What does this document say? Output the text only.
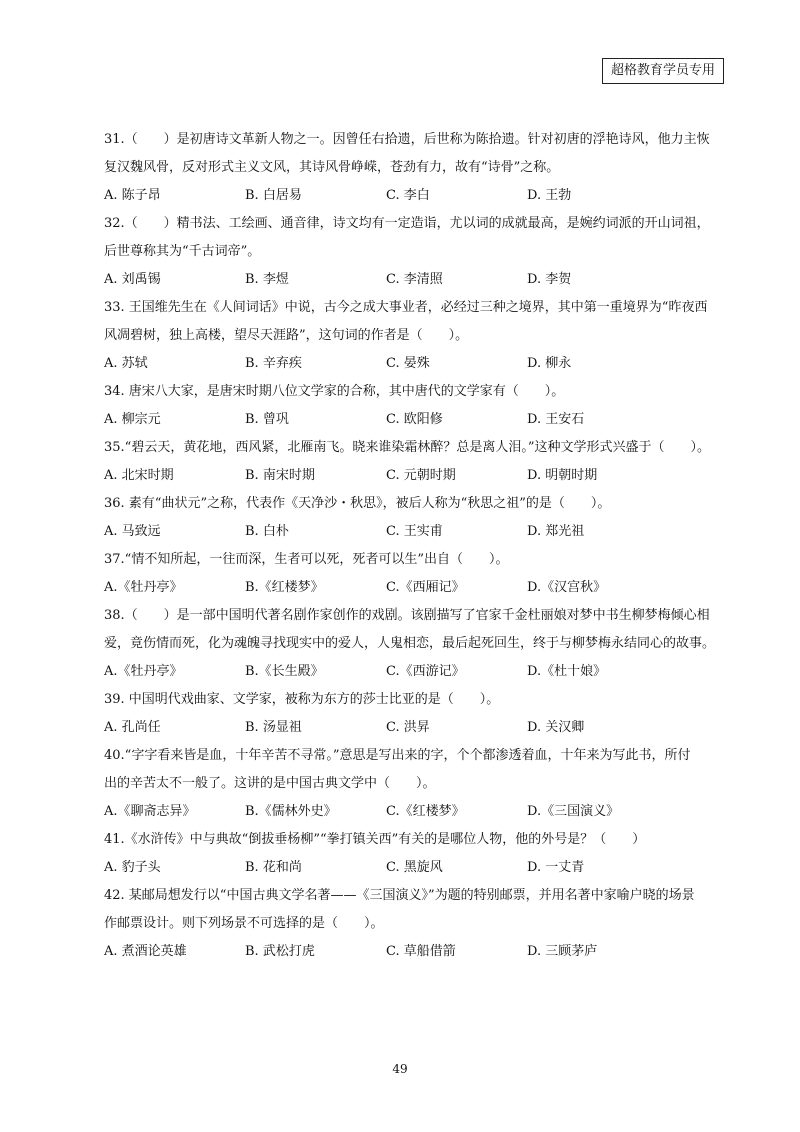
超格教育学员专用
31.（　　）是初唐诗文革新人物之一。因曾任右拾遗，后世称为陈拾遗。针对初唐的浮艳诗风，他力主恢
复汉魏风骨，反对形式主义文风，其诗风骨峥嵘，苍劲有力，故有“诗骨”之称。
A. 陈子昂	B. 白居易	C. 李白	D. 王勃
32.（　　）精书法、工绘画、通音律，诗文均有一定造诣，尤以词的成就最高，是婉约词派的开山词祖，
后世尊称其为“千古词帝”。
A. 刘禹锡	B. 李煜	C. 李清照	D. 李贺
33. 王国维先生在《人间词话》中说，古今之成大事业者，必经过三种之境界，其中第一重境界为“昨夜西
风凋碧树，独上高楼，望尽天涯路”，这句词的作者是（　　）。
A. 苏轼	B. 辛弃疾	C. 晏殊	D. 柳永
34. 唐宋八大家，是唐宋时期八位文学家的合称，其中唐代的文学家有（　　）。
A. 柳宗元	B. 曾巩	C. 欧阳修	D. 王安石
35.“碧云天，黄花地，西风紧，北雁南飞。晓来谁染霜林醉？总是离人泪。”这种文学形式兴盛于（　　）。
A. 北宋时期	B. 南宋时期	C. 元朝时期	D. 明朝时期
36. 素有“曲状元”之称，代表作《天净沙・秋思》，被后人称为“秋思之祖”的是（　　）。
A. 马致远	B. 白朴	C. 王实甫	D. 郑光祖
37.“情不知所起，一往而深，生者可以死，死者可以生”出自（　　）。
A.《牡丹亭》	B.《红楼梦》	C.《西厢记》	D.《汉宫秋》
38.（　　）是一部中国明代著名剧作家创作的戏剧。该剧描写了官家千金杜丽娘对梦中书生柳梦梅倾心相
爱，竟伤情而死，化为魂魄寻找现实中的爱人，人鬼相恋，最后起死回生，终于与柳梦梅永结同心的故事。
A.《牡丹亭》	B.《长生殿》	C.《西游记》	D.《杜十娘》
39. 中国明代戏曲家、文学家，被称为东方的莎士比亚的是（　　）。
A. 孔尚任	B. 汤显祖	C. 洪昇	D. 关汉卿
40.“字字看来皆是血，十年辛苦不寻常。”意思是写出来的字，个个都渗透着血，十年来为写此书，所付
出的辛苦太不一般了。这讲的是中国古典文学中（　　）。
A.《聊斋志异》	B.《儒林外史》	C.《红楼梦》	D.《三国演义》
41.《水浒传》中与典故“倒拔垂杨柳”“拳打镇关西”有关的是哪位人物，他的外号是？（　　）
A. 豹子头	B. 花和尚	C. 黑旋风	D. 一丈青
42. 某邮局想发行以“中国古典文学名著——《三国演义》”为题的特别邮票，并用名著中家喻户晓的场景
作邮票设计。则下列场景不可选择的是（　　）。
A. 煮酒论英雄	B. 武松打虎	C. 草船借箭	D. 三顾茅庐
49
